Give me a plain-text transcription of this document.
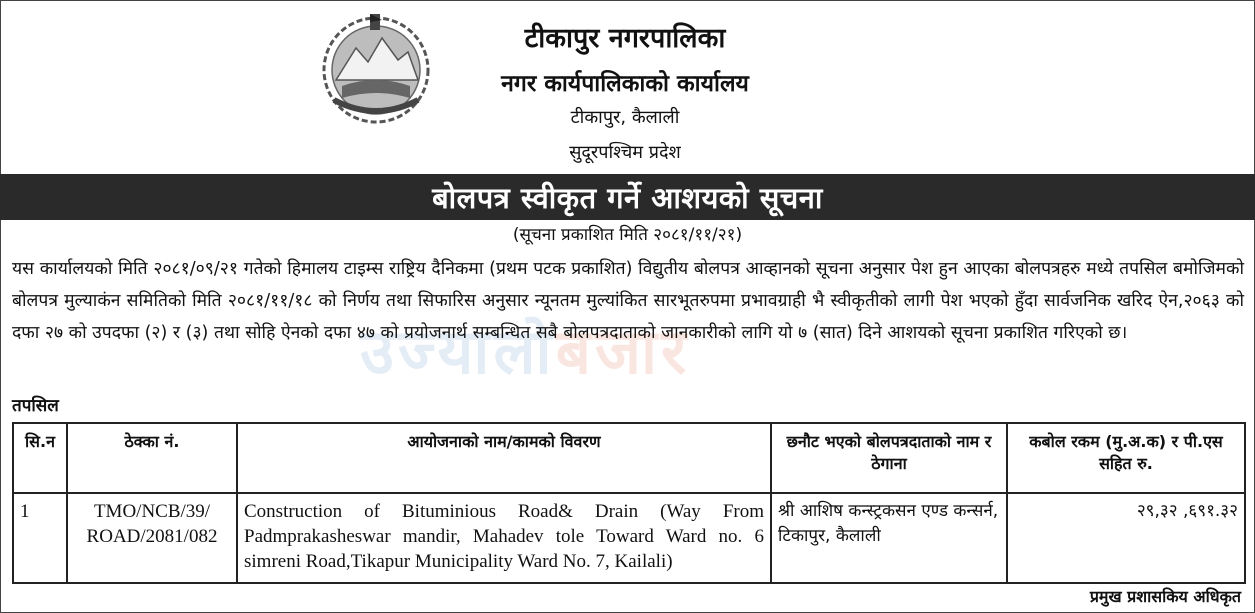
टीकापुर नगरपालिका
नगर कार्यपालिकाको कार्यालय
टीकापुर, कैलाली
सुदूरपश्चिम प्रदेश
बोलपत्र स्वीकृत गर्ने आशयको सूचना
(सूचना प्रकाशित मिति २०८१/११/२१)
उज्यालोबजार
यस कार्यालयको मिति २०८१/०९/२१ गतेको हिमालय टाइम्स राष्ट्रिय दैनिकमा (प्रथम पटक प्रकाशित) विद्युतीय बोलपत्र आव्हानको सूचना अनुसार पेश हुन आएका बोलपत्रहरु मध्ये तपसिल बमोजिमको बोलपत्र मुल्याकंन समितिको मिति २०८१/११/१८ को निर्णय तथा सिफारिस अनुसार न्यूनतम मुल्यांकित सारभूतरुपमा प्रभावग्राही भै स्वीकृतीको लागी पेश भएको हुँदा सार्वजनिक खरिद ऐन,२०६३ को दफा २७ को उपदफा (२) र (३) तथा सोहि ऐनको दफा ४७ को प्रयोजनार्थ सम्बन्धित सबै बोलपत्रदाताको जानकारीको लागि यो ७ (सात) दिने आशयको सूचना प्रकाशित गरिएको छ।
तपसिल
सि.न	ठेक्का नं.	आयोजनाको नाम/कामको विवरण	छनौट भएको बोलपत्रदाताको नाम र ठेगाना	कबोल रकम (मु.अ.क) र पी.एस सहित रु.
1	TMO/NCB/39/ ROAD/2081/082	Construction of Bituminious Road& Drain (Way From Padmprakasheswar mandir, Mahadev tole Toward Ward no. 6 simreni Road,Tikapur Municipality Ward No. 7, Kailali)	श्री आशिष कन्स्ट्रकसन एण्ड कन्सर्न, टिकापुर, कैलाली	२९,३२ ,६९१.३२
प्रमुख प्रशासकिय अधिकृत
